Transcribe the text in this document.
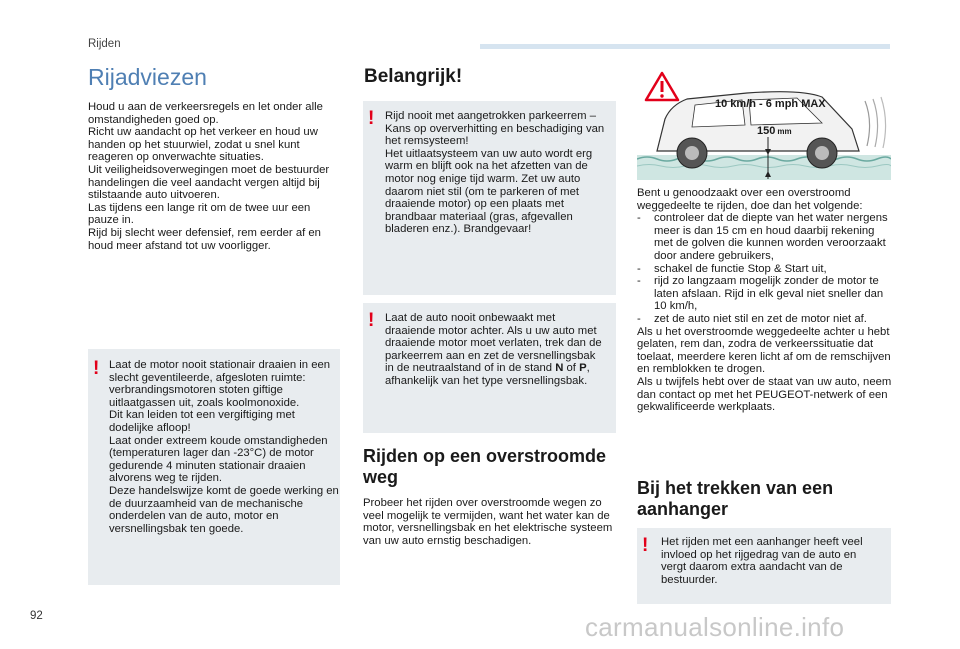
Rijden
Rijadviezen
Houd u aan de verkeersregels en let onder alle omstandigheden goed op.
Richt uw aandacht op het verkeer en houd uw handen op het stuurwiel, zodat u snel kunt reageren op onverwachte situaties.
Uit veiligheidsoverwegingen moet de bestuurder handelingen die veel aandacht vergen altijd bij stilstaande auto uitvoeren.
Las tijdens een lange rit om de twee uur een pauze in.
Rijd bij slecht weer defensief, rem eerder af en houd meer afstand tot uw voorligger.
! Laat de motor nooit stationair draaien in een slecht geventileerde, afgesloten ruimte: verbrandingsmotoren stoten giftige uitlaatgassen uit, zoals koolmonoxide.
Dit kan leiden tot een vergiftiging met dodelijke afloop!
Laat onder extreem koude omstandigheden (temperaturen lager dan -23°C) de motor gedurende 4 minuten stationair draaien alvorens weg te rijden.
Deze handelswijze komt de goede werking en de duurzaamheid van de mechanische onderdelen van de auto, motor en versnellingsbak ten goede.
Belangrijk!
! Rijd nooit met aangetrokken parkeerrem – Kans op oververhitting en beschadiging van het remsysteem!
Het uitlaatsysteem van uw auto wordt erg warm en blijft ook na het afzetten van de motor nog enige tijd warm. Zet uw auto daarom niet stil (om te parkeren of met draaiende motor) op een plaats met brandbaar materiaal (gras, afgevallen bladeren enz.). Brandgevaar!
! Laat de auto nooit onbewaakt met draaiende motor achter. Als u uw auto met draaiende motor moet verlaten, trek dan de parkeerrem aan en zet de versnellingsbak in de neutraalstand of in de stand N of P, afhankelijk van het type versnellingsbak.
Rijden op een overstroomde weg
Probeer het rijden over overstroomde wegen zo veel mogelijk te vermijden, want het water kan de motor, versnellingsbak en het elektrische systeem van uw auto ernstig beschadigen.
10 km/h - 6 mph MAX
150 mm
Bent u genoodzaakt over een overstroomd weggedeelte te rijden, doe dan het volgende:
- controleer dat de diepte van het water nergens meer is dan 15 cm en houd daarbij rekening met de golven die kunnen worden veroorzaakt door andere gebruikers,
- schakel de functie Stop & Start uit,
- rijd zo langzaam mogelijk zonder de motor te laten afslaan. Rijd in elk geval niet sneller dan 10 km/h,
- zet de auto niet stil en zet de motor niet af.
Als u het overstroomde weggedeelte achter u hebt gelaten, rem dan, zodra de verkeerssituatie dat toelaat, meerdere keren licht af om de remschijven en remblokken te drogen.
Als u twijfels hebt over de staat van uw auto, neem dan contact op met het PEUGEOT-netwerk of een gekwalificeerde werkplaats.
Bij het trekken van een aanhanger
! Het rijden met een aanhanger heeft veel invloed op het rijgedrag van de auto en vergt daarom extra aandacht van de bestuurder.
92	carmanualsonline.info
